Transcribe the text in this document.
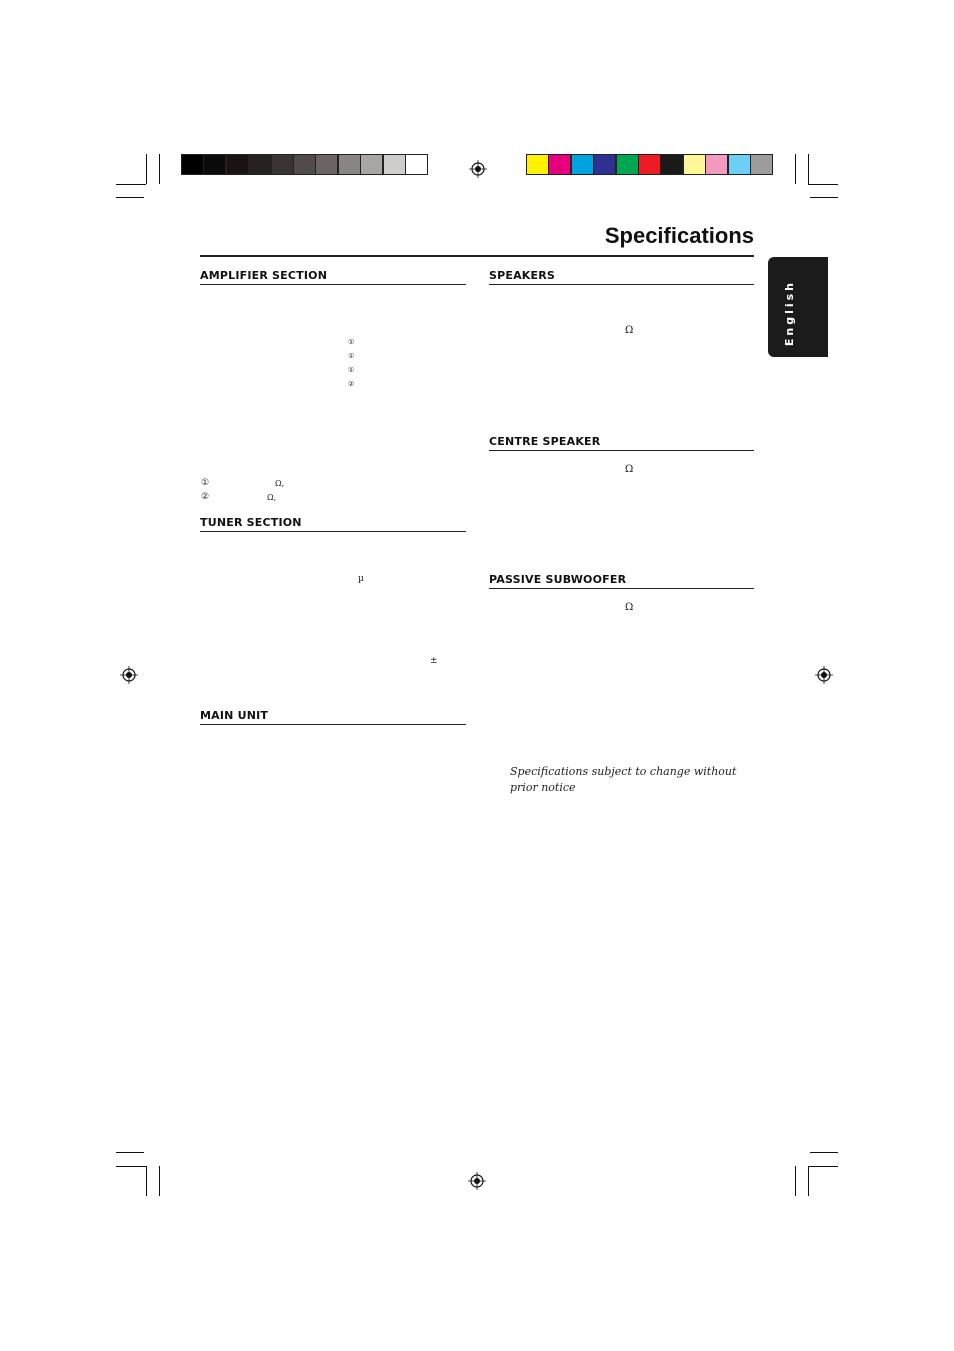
Specifications
English
AMPLIFIER SECTION
①
①
①
②
①	Ω,
②	Ω,
TUNER SECTION
µ
±
MAIN UNIT
SPEAKERS
Ω
CENTRE SPEAKER
Ω
PASSIVE SUBWOOFER
Ω
Specifications subject to change without prior notice
